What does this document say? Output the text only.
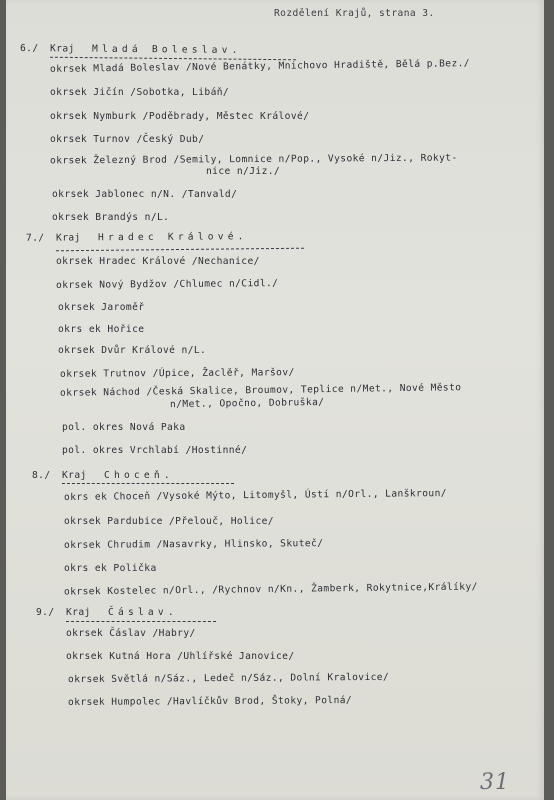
Rozdělení Krajů, strana 3.
6./ Kraj Mladá Boleslav.
okrsek Mladá Boleslav /Nové Benátky, Mnichovo Hradiště, Bělá p.Bez./
okrsek Jičín /Sobotka, Libáň/
okrsek Nymburk /Poděbrady, Městec Králové/
okrsek Turnov /Český Dub/
okrsek Železný Brod /Semily, Lomnice n/Pop., Vysoké n/Jiz., Rokyt-
nice n/Jiz./
okrsek Jablonec n/N. /Tanvald/
okrsek Brandýs n/L.
7./ Kraj Hradec Králové.
okrsek Hradec Králové /Nechanice/
okrsek Nový Bydžov /Chlumec n/Cidl./
okrsek Jaroměř
okrs ek Hořice
okrsek Dvůr Králové n/L.
okrsek Trutnov /Úpice, Žaclěř, Maršov/
okrsek Náchod /Česká Skalice, Broumov, Teplice n/Met., Nové Město
n/Met., Opočno, Dobruška/
pol. okres Nová Paka
pol. okres Vrchlabí /Hostinné/
8./ Kraj Choceň.
okrs ek Choceň /Vysoké Mýto, Litomyšl, Ústí n/Orl., Lanškroun/
okrsek Pardubice /Přelouč, Holice/
okrsek Chrudim /Nasavrky, Hlinsko, Skuteč/
okrs ek Polička
okrsek Kostelec n/Orl., /Rychnov n/Kn., Žamberk, Rokytnice,Králíky/
9./ Kraj Čáslav.
okrsek Čáslav /Habry/
okrsek Kutná Hora /Uhlířské Janovice/
okrsek Světlá n/Sáz., Ledeč n/Sáz., Dolní Kralovice/
okrsek Humpolec /Havlíčkův Brod, Štoky, Polná/
31
